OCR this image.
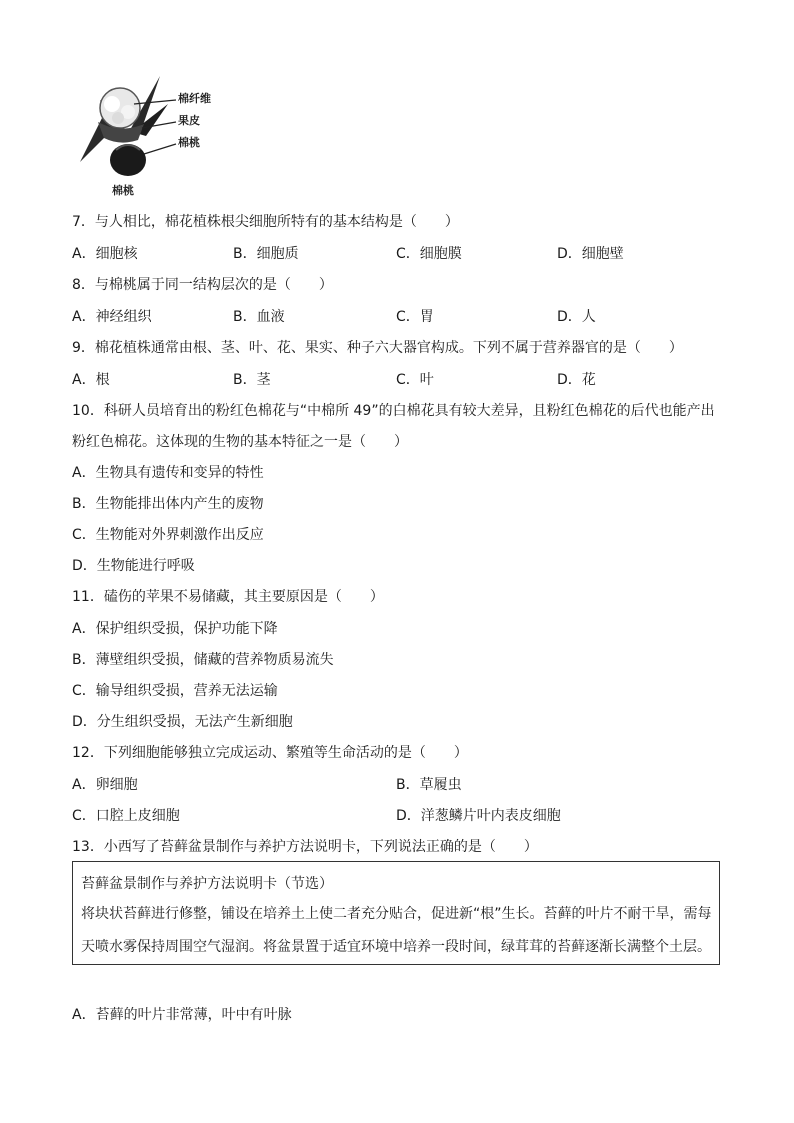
棉纤维
果皮
棉桃
棉桃
7．与人相比，棉花植株根尖细胞所特有的基本结构是（　　）
A．细胞核	B．细胞质	C．细胞膜	D．细胞壁
8．与棉桃属于同一结构层次的是（　　）
A．神经组织	B．血液	C．胃	D．人
9．棉花植株通常由根、茎、叶、花、果实、种子六大器官构成。下列不属于营养器官的是（　　）
A．根	B．茎	C．叶	D．花
10．科研人员培育出的粉红色棉花与“中棉所 49”的白棉花具有较大差异，且粉红色棉花的后代也能产出
粉红色棉花。这体现的生物的基本特征之一是（　　）
A．生物具有遗传和变异的特性
B．生物能排出体内产生的废物
C．生物能对外界刺激作出反应
D．生物能进行呼吸
11．磕伤的苹果不易储藏，其主要原因是（　　）
A．保护组织受损，保护功能下降
B．薄壁组织受损，储藏的营养物质易流失
C．输导组织受损，营养无法运输
D．分生组织受损，无法产生新细胞
12．下列细胞能够独立完成运动、繁殖等生命活动的是（　　）
A．卵细胞	B．草履虫
C．口腔上皮细胞	D．洋葱鳞片叶内表皮细胞
13．小西写了苔藓盆景制作与养护方法说明卡，下列说法正确的是（　　）
苔藓盆景制作与养护方法说明卡（节选）
将块状苔藓进行修整，铺设在培养土上使二者充分贴合，促进新“根”生长。苔藓的叶片不耐干旱，需每
天喷水雾保持周围空气湿润。将盆景置于适宜环境中培养一段时间，绿茸茸的苔藓逐渐长满整个土层。
A．苔藓的叶片非常薄，叶中有叶脉
